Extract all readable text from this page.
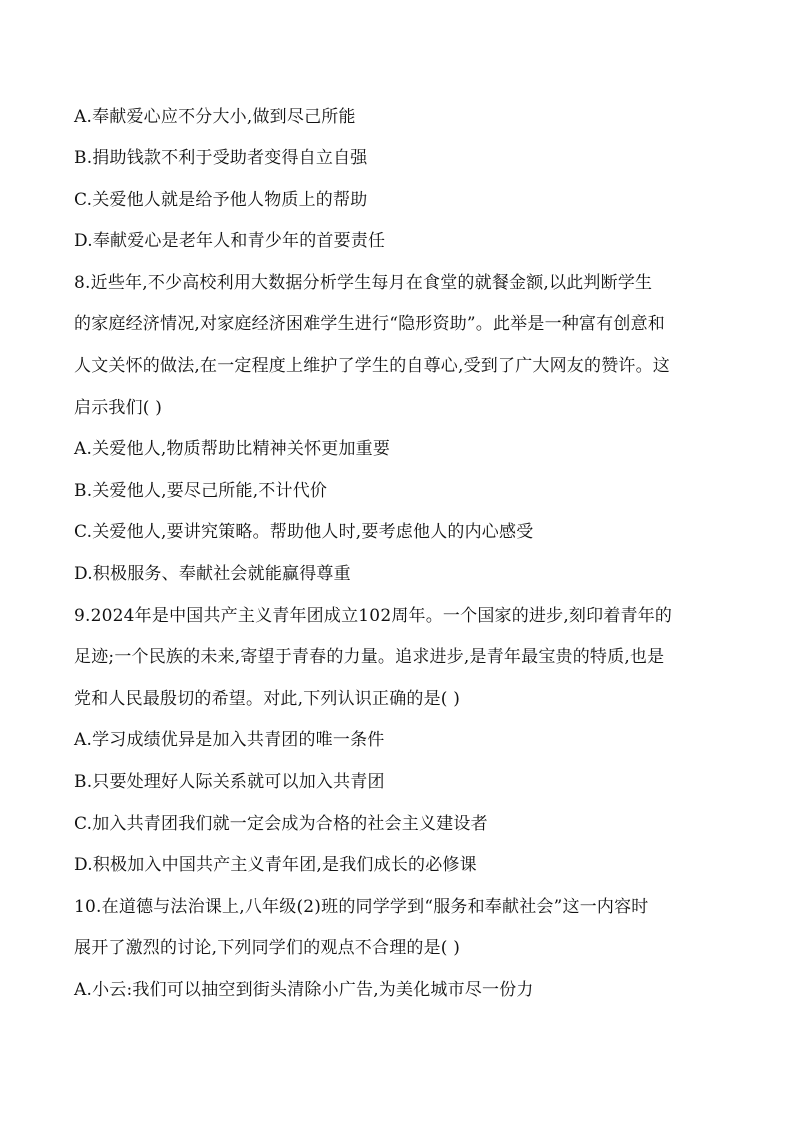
A.奉献爱心应不分大小,做到尽己所能
B.捐助钱款不利于受助者变得自立自强
C.关爱他人就是给予他人物质上的帮助
D.奉献爱心是老年人和青少年的首要责任
8.近些年,不少高校利用大数据分析学生每月在食堂的就餐金额,以此判断学生
的家庭经济情况,对家庭经济困难学生进行“隐形资助”。此举是一种富有创意和
人文关怀的做法,在一定程度上维护了学生的自尊心,受到了广大网友的赞许。这
启示我们( )
A.关爱他人,物质帮助比精神关怀更加重要
B.关爱他人,要尽己所能,不计代价
C.关爱他人,要讲究策略。帮助他人时,要考虑他人的内心感受
D.积极服务、奉献社会就能赢得尊重
9.2024年是中国共产主义青年团成立102周年。一个国家的进步,刻印着青年的
足迹;一个民族的未来,寄望于青春的力量。追求进步,是青年最宝贵的特质,也是
党和人民最殷切的希望。对此,下列认识正确的是( )
A.学习成绩优异是加入共青团的唯一条件
B.只要处理好人际关系就可以加入共青团
C.加入共青团我们就一定会成为合格的社会主义建设者
D.积极加入中国共产主义青年团,是我们成长的必修课
10.在道德与法治课上,八年级(2)班的同学学到“服务和奉献社会”这一内容时
展开了激烈的讨论,下列同学们的观点不合理的是( )
A.小云:我们可以抽空到街头清除小广告,为美化城市尽一份力
